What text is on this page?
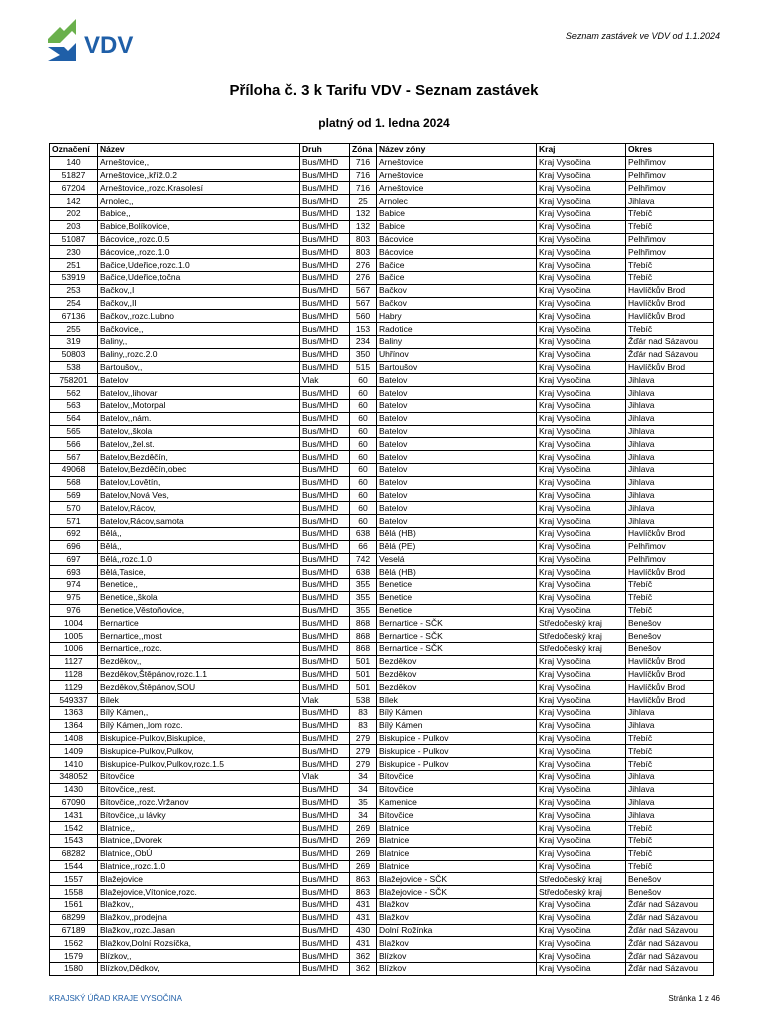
VDV	Seznam zastávek ve VDV od 1.1.2024
Příloha č. 3 k Tarifu VDV - Seznam zastávek
platný od 1. ledna 2024
Označení	Název	Druh	Zóna	Název zóny	Kraj	Okres
140	Arneštovice,,	Bus/MHD	716	Arneštovice	Kraj Vysočina	Pelhřimov
51827	Arneštovice,,kříž.0.2	Bus/MHD	716	Arneštovice	Kraj Vysočina	Pelhřimov
67204	Arneštovice,,rozc.Krasolesí	Bus/MHD	716	Arneštovice	Kraj Vysočina	Pelhřimov
142	Arnolec,,	Bus/MHD	25	Arnolec	Kraj Vysočina	Jihlava
202	Babice,,	Bus/MHD	132	Babice	Kraj Vysočina	Třebíč
203	Babice,Bolíkovice,	Bus/MHD	132	Babice	Kraj Vysočina	Třebíč
51087	Bácovice,,rozc.0.5	Bus/MHD	803	Bácovice	Kraj Vysočina	Pelhřimov
230	Bácovice,,rozc.1.0	Bus/MHD	803	Bácovice	Kraj Vysočina	Pelhřimov
251	Bačice,Udeřice,rozc.1.0	Bus/MHD	276	Bačice	Kraj Vysočina	Třebíč
53919	Bačice,Udeřice,točna	Bus/MHD	276	Bačice	Kraj Vysočina	Třebíč
253	Bačkov,,I	Bus/MHD	567	Bačkov	Kraj Vysočina	Havlíčkův Brod
254	Bačkov,,II	Bus/MHD	567	Bačkov	Kraj Vysočina	Havlíčkův Brod
67136	Bačkov,,rozc.Lubno	Bus/MHD	560	Habry	Kraj Vysočina	Havlíčkův Brod
255	Bačkovice,,	Bus/MHD	153	Radotice	Kraj Vysočina	Třebíč
319	Baliny,,	Bus/MHD	234	Baliny	Kraj Vysočina	Žďár nad Sázavou
50803	Baliny,,rozc.2.0	Bus/MHD	350	Uhřínov	Kraj Vysočina	Žďár nad Sázavou
538	Bartoušov,,	Bus/MHD	515	Bartoušov	Kraj Vysočina	Havlíčkův Brod
758201	Batelov	Vlak	60	Batelov	Kraj Vysočina	Jihlava
562	Batelov,,lihovar	Bus/MHD	60	Batelov	Kraj Vysočina	Jihlava
563	Batelov,,Motorpal	Bus/MHD	60	Batelov	Kraj Vysočina	Jihlava
564	Batelov,,nám.	Bus/MHD	60	Batelov	Kraj Vysočina	Jihlava
565	Batelov,,škola	Bus/MHD	60	Batelov	Kraj Vysočina	Jihlava
566	Batelov,,žel.st.	Bus/MHD	60	Batelov	Kraj Vysočina	Jihlava
567	Batelov,Bezděčín,	Bus/MHD	60	Batelov	Kraj Vysočina	Jihlava
49068	Batelov,Bezděčín,obec	Bus/MHD	60	Batelov	Kraj Vysočina	Jihlava
568	Batelov,Lovětín,	Bus/MHD	60	Batelov	Kraj Vysočina	Jihlava
569	Batelov,Nová Ves,	Bus/MHD	60	Batelov	Kraj Vysočina	Jihlava
570	Batelov,Rácov,	Bus/MHD	60	Batelov	Kraj Vysočina	Jihlava
571	Batelov,Rácov,samota	Bus/MHD	60	Batelov	Kraj Vysočina	Jihlava
692	Bělá,,	Bus/MHD	638	Bělá (HB)	Kraj Vysočina	Havlíčkův Brod
696	Bělá,,	Bus/MHD	66	Bělá (PE)	Kraj Vysočina	Pelhřimov
697	Bělá,,rozc.1.0	Bus/MHD	742	Veselá	Kraj Vysočina	Pelhřimov
693	Bělá,Tasice,	Bus/MHD	638	Bělá (HB)	Kraj Vysočina	Havlíčkův Brod
974	Benetice,,	Bus/MHD	355	Benetice	Kraj Vysočina	Třebíč
975	Benetice,,škola	Bus/MHD	355	Benetice	Kraj Vysočina	Třebíč
976	Benetice,Věstoňovice,	Bus/MHD	355	Benetice	Kraj Vysočina	Třebíč
1004	Bernartice	Bus/MHD	868	Bernartice - SČK	Středočeský kraj	Benešov
1005	Bernartice,,most	Bus/MHD	868	Bernartice - SČK	Středočeský kraj	Benešov
1006	Bernartice,,rozc.	Bus/MHD	868	Bernartice - SČK	Středočeský kraj	Benešov
1127	Bezděkov,,	Bus/MHD	501	Bezděkov	Kraj Vysočina	Havlíčkův Brod
1128	Bezděkov,Štěpánov,rozc.1.1	Bus/MHD	501	Bezděkov	Kraj Vysočina	Havlíčkův Brod
1129	Bezděkov,Štěpánov,SOU	Bus/MHD	501	Bezděkov	Kraj Vysočina	Havlíčkův Brod
549337	Bílek	Vlak	538	Bílek	Kraj Vysočina	Havlíčkův Brod
1363	Bílý Kámen,,	Bus/MHD	83	Bílý Kámen	Kraj Vysočina	Jihlava
1364	Bílý Kámen,,lom rozc.	Bus/MHD	83	Bílý Kámen	Kraj Vysočina	Jihlava
1408	Biskupice-Pulkov,Biskupice,	Bus/MHD	279	Biskupice - Pulkov	Kraj Vysočina	Třebíč
1409	Biskupice-Pulkov,Pulkov,	Bus/MHD	279	Biskupice - Pulkov	Kraj Vysočina	Třebíč
1410	Biskupice-Pulkov,Pulkov,rozc.1.5	Bus/MHD	279	Biskupice - Pulkov	Kraj Vysočina	Třebíč
348052	Bítovčice	Vlak	34	Bítovčice	Kraj Vysočina	Jihlava
1430	Bítovčice,,rest.	Bus/MHD	34	Bítovčice	Kraj Vysočina	Jihlava
67090	Bítovčice,,rozc.Vržanov	Bus/MHD	35	Kamenice	Kraj Vysočina	Jihlava
1431	Bítovčice,,u lávky	Bus/MHD	34	Bítovčice	Kraj Vysočina	Jihlava
1542	Blatnice,,	Bus/MHD	269	Blatnice	Kraj Vysočina	Třebíč
1543	Blatnice,,Dvorek	Bus/MHD	269	Blatnice	Kraj Vysočina	Třebíč
68282	Blatnice,,ObÚ	Bus/MHD	269	Blatnice	Kraj Vysočina	Třebíč
1544	Blatnice,,rozc.1.0	Bus/MHD	269	Blatnice	Kraj Vysočina	Třebíč
1557	Blažejovice	Bus/MHD	863	Blažejovice - SČK	Středočeský kraj	Benešov
1558	Blažejovice,Vítonice,rozc.	Bus/MHD	863	Blažejovice - SČK	Středočeský kraj	Benešov
1561	Blažkov,,	Bus/MHD	431	Blažkov	Kraj Vysočina	Žďár nad Sázavou
68299	Blažkov,,prodejna	Bus/MHD	431	Blažkov	Kraj Vysočina	Žďár nad Sázavou
67189	Blažkov,,rozc.Jasan	Bus/MHD	430	Dolní Rožínka	Kraj Vysočina	Žďár nad Sázavou
1562	Blažkov,Dolní Rozsíčka,	Bus/MHD	431	Blažkov	Kraj Vysočina	Žďár nad Sázavou
1579	Blízkov,,	Bus/MHD	362	Blízkov	Kraj Vysočina	Žďár nad Sázavou
1580	Blízkov,Dědkov,	Bus/MHD	362	Blízkov	Kraj Vysočina	Žďár nad Sázavou
KRAJSKÝ ÚŘAD KRAJE VYSOČINA	Stránka 1 z 46
